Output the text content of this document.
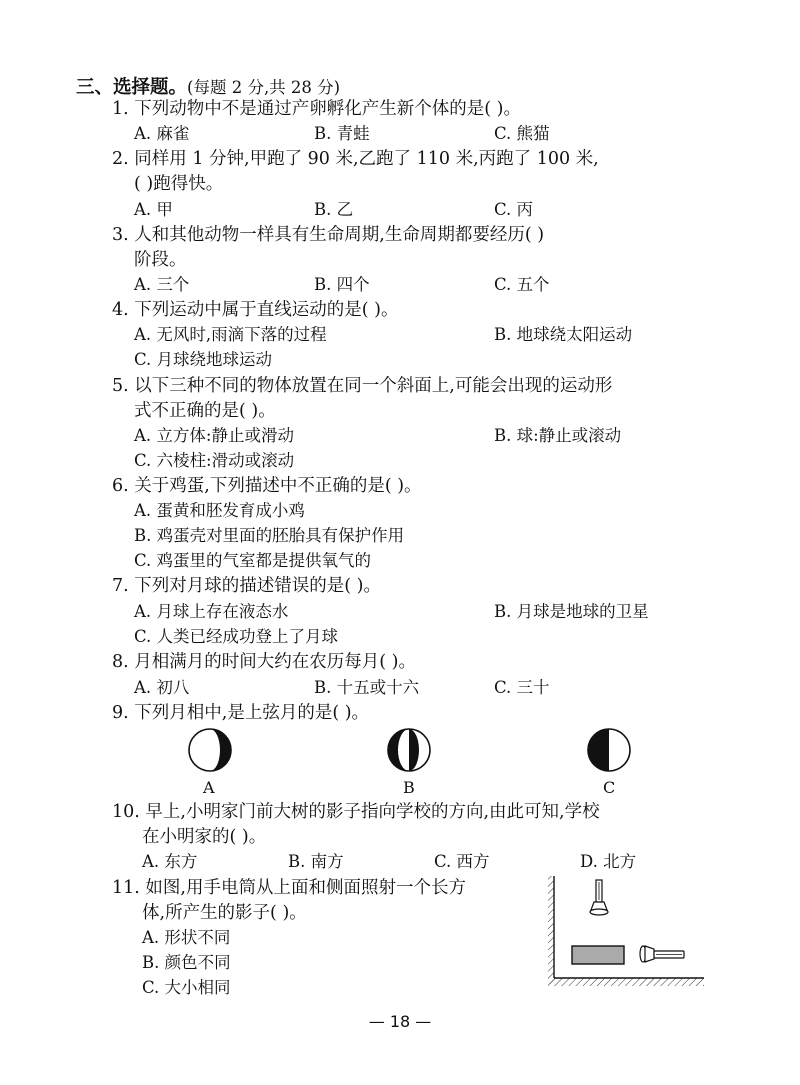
三、选择题。(每题 2 分,共 28 分)
1. 下列动物中不是通过产卵孵化产生新个体的是( )。
A. 麻雀	B. 青蛙	C. 熊猫
2. 同样用 1 分钟,甲跑了 90 米,乙跑了 110 米,丙跑了 100 米,
( )跑得快。
A. 甲	B. 乙	C. 丙
3. 人和其他动物一样具有生命周期,生命周期都要经历( )
阶段。
A. 三个	B. 四个	C. 五个
4. 下列运动中属于直线运动的是( )。
A. 无风时,雨滴下落的过程	B. 地球绕太阳运动
C. 月球绕地球运动
5. 以下三种不同的物体放置在同一个斜面上,可能会出现的运动形
式不正确的是( )。
A. 立方体:静止或滑动	B. 球:静止或滚动
C. 六棱柱:滑动或滚动
6. 关于鸡蛋,下列描述中不正确的是( )。
A. 蛋黄和胚发育成小鸡
B. 鸡蛋壳对里面的胚胎具有保护作用
C. 鸡蛋里的气室都是提供氧气的
7. 下列对月球的描述错误的是( )。
A. 月球上存在液态水	B. 月球是地球的卫星
C. 人类已经成功登上了月球
8. 月相满月的时间大约在农历每月( )。
A. 初八	B. 十五或十六	C. 三十
9. 下列月相中,是上弦月的是( )。
A	B	C
10. 早上,小明家门前大树的影子指向学校的方向,由此可知,学校
在小明家的( )。
A. 东方	B. 南方	C. 西方	D. 北方
11. 如图,用手电筒从上面和侧面照射一个长方
体,所产生的影子( )。
A. 形状不同
B. 颜色不同
C. 大小相同
— 18 —
